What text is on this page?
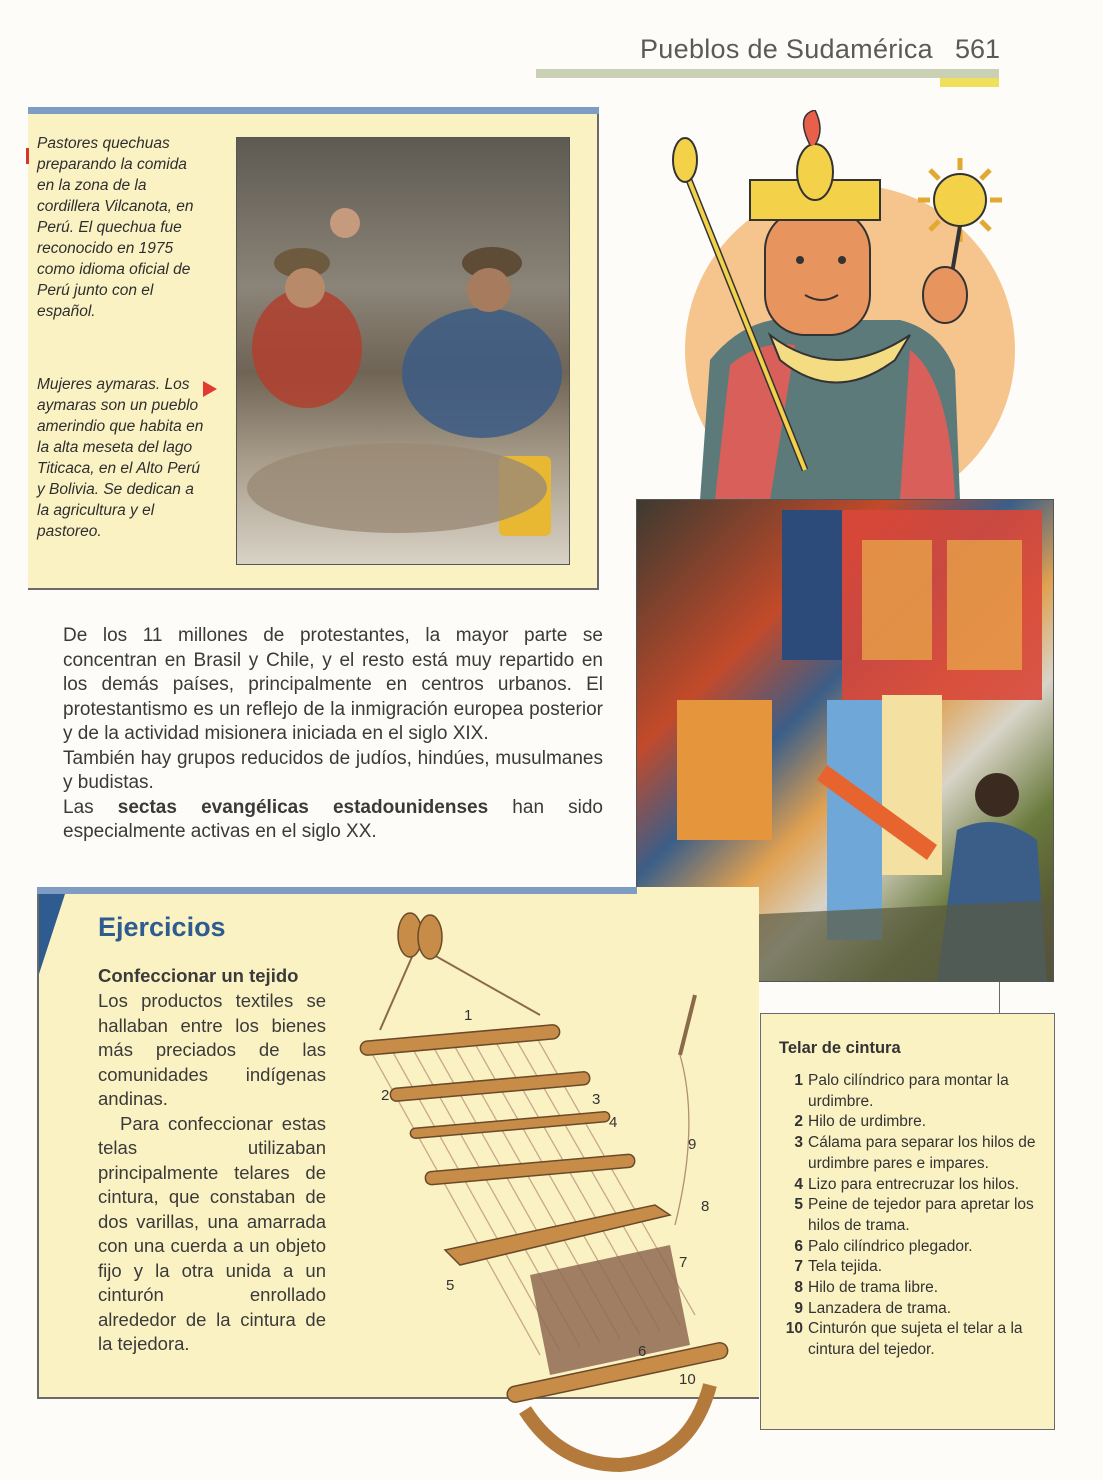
Pueblos de Sudamérica 561
Pastores quechuas preparando la comida en la zona de la cordillera Vilcanota, en Perú. El quechua fue reconocido en 1975 como idioma oficial de Perú junto con el español.
Mujeres aymaras. Los aymaras son un pueblo amerindio que habita en la alta meseta del lago Titicaca, en el Alto Perú y Bolivia. Se dedican a la agricultura y el pastoreo.

De los 11 millones de protestantes, la mayor parte se concentran en Brasil y Chile, y el resto está muy repartido en los demás países, principalmente en centros urbanos. El protestantismo es un reflejo de la inmigración europea posterior y de la actividad misionera iniciada en el siglo XIX.

También hay grupos reducidos de judíos, hindúes, musulmanes y budistas.

Las sectas evangélicas estadounidenses han sido especialmente activas en el siglo XX.

Ejercicios
Confeccionar un tejido

Los productos textiles se hallaban entre los bienes más preciados de las comunidades indígenas andinas.

Para confeccionar estas telas utilizaban principalmente telares de cintura, que constaban de dos varillas, una amarrada con una cuerda a un objeto fijo y la otra unida a un cinturón enrollado alrededor de la cintura de la tejedora.

1
2	3
4
5
6
7
8
9
10
Telar de cintura
1 Palo cilíndrico para montar la urdimbre.
2 Hilo de urdimbre.
3 Cálama para separar los hilos de urdimbre pares e impares.
4 Lizo para entrecruzar los hilos.
5 Peine de tejedor para apretar los hilos de trama.
6 Palo cilíndrico plegador.
7 Tela tejida.
8 Hilo de trama libre.
9 Lanzadera de trama.
10 Cinturón que sujeta el telar a la cintura del tejedor.
